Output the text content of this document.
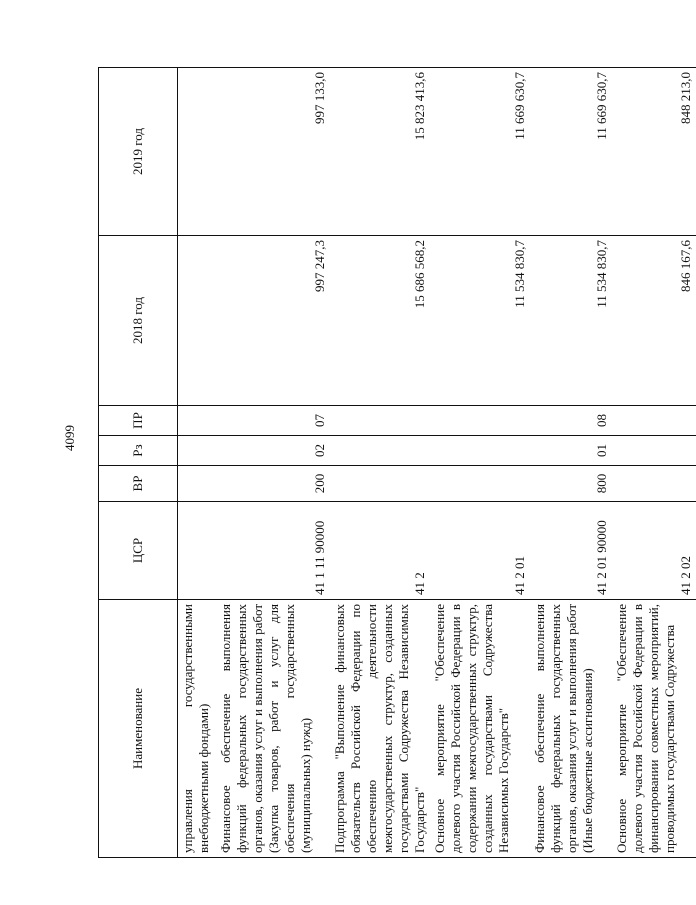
4099
Наименование	ЦСР	ВР	Рз	ПР	2018 год	2019 год
управления государственными внебюджетными фондами)						
Финансовое обеспечение выполнения функций федеральных государственных органов, оказания услуг и выполнения работ (Закупка товаров, работ и услуг для обеспечения государственных (муниципальных) нужд)	41 1 11 90000	200	02	07	997 247,3	997 133,0
Подпрограмма "Выполнение финансовых обязательств Российской Федерации по обеспечению деятельности межгосударственных структур, созданных государствами Содружества Независимых Государств"	41 2				15 686 568,2	15 823 413,6
Основное мероприятие "Обеспечение долевого участия Российской Федерации в содержании межгосударственных структур, созданных государствами Содружества Независимых Государств"	41 2 01				11 534 830,7	11 669 630,7
Финансовое обеспечение выполнения функций федеральных государственных органов, оказания услуг и выполнения работ (Иные бюджетные ассигнования)	41 2 01 90000	800	01	08	11 534 830,7	11 669 630,7
Основное мероприятие "Обеспечение долевого участия Российской Федерации в финансировании совместных мероприятий, проводимых государствами Содружества	41 2 02				846 167,6	848 213,0
